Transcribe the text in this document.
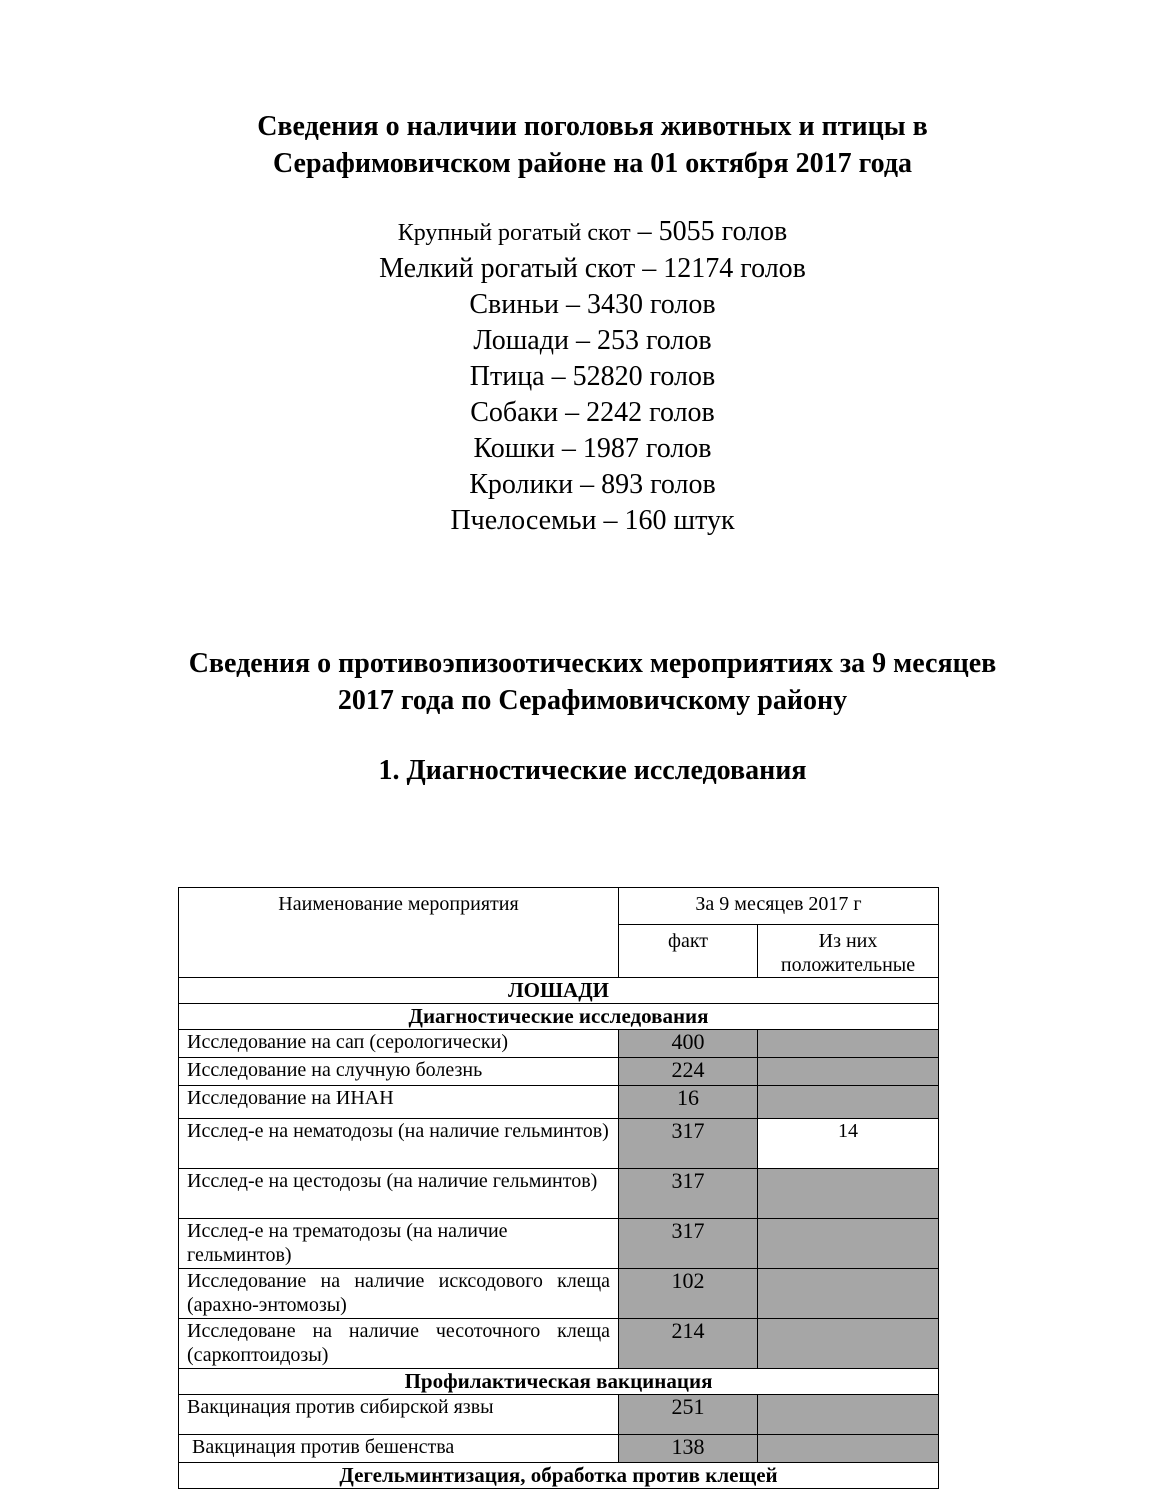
Сведения о наличии поголовья животных и птицы в
Серафимовичском районе на 01 октября 2017 года
Крупный рогатый скот – 5055 голов
Мелкий рогатый скот – 12174 голов
Свиньи – 3430 голов
Лошади – 253 голов
Птица – 52820 голов
Собаки – 2242 голов
Кошки – 1987 голов
Кролики – 893 голов
Пчелосемьи – 160 штук
Сведения о противоэпизоотических мероприятиях за 9 месяцев
2017 года по Серафимовичскому району
1. Диагностические исследования
Наименование мероприятия	За 9 месяцев 2017 г	
	факт	Из них положительные
ЛОШАДИ		
Диагностические исследования		
Исследование на сап (серологически)	400	
Исследование на случную болезнь	224	
Исследование на ИНАН	16	
Исслед-е на нематодозы (на наличие гельминтов)	317	14
Исслед-е на цестодозы (на наличие гельминтов)	317	
Исслед-е на трематодозы (на наличие гельминтов)	317	
Исследование на наличие исксодового клеща (арахно-энтомозы)	102	
Исследоване на наличие чесоточного клеща (саркоптоидозы)	214	
Профилактическая вакцинация		
Вакцинация против сибирской язвы	251	
Вакцинация против бешенства	138	
Дегельминтизация, обработка против клещей		
